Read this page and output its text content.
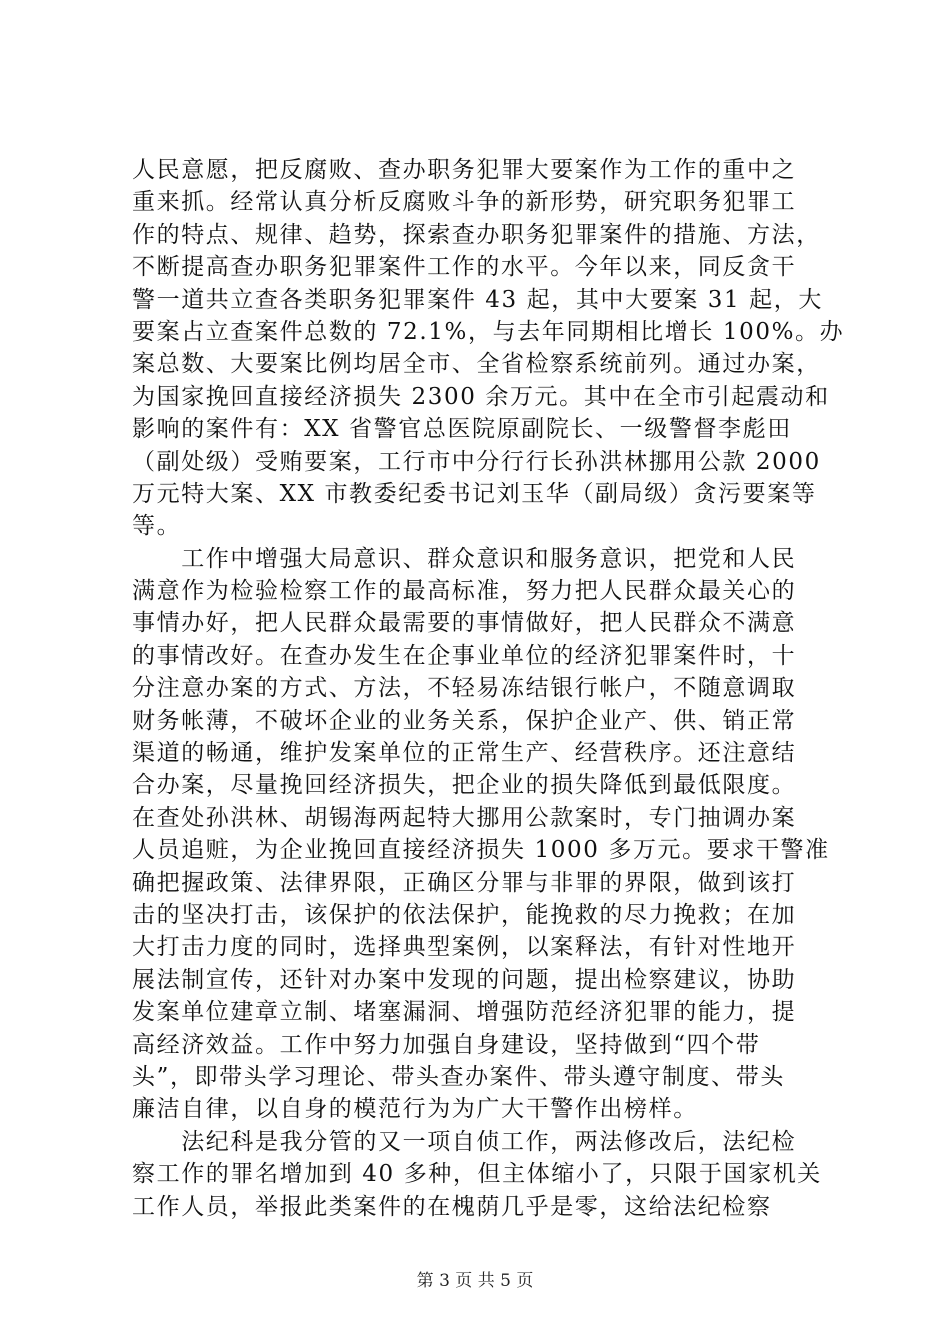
人民意愿，把反腐败、查办职务犯罪大要案作为工作的重中之
重来抓。经常认真分析反腐败斗争的新形势，研究职务犯罪工
作的特点、规律、趋势，探索查办职务犯罪案件的措施、方法，
不断提高查办职务犯罪案件工作的水平。今年以来，同反贪干
警一道共立查各类职务犯罪案件 43 起，其中大要案 31 起，大
要案占立查案件总数的 72.1%，与去年同期相比增长 100%。办
案总数、大要案比例均居全市、全省检察系统前列。通过办案，
为国家挽回直接经济损失 2300 余万元。其中在全市引起震动和
影响的案件有：XX 省警官总医院原副院长、一级警督李彪田
（副处级）受贿要案，工行市中分行行长孙洪林挪用公款 2000
万元特大案、XX 市教委纪委书记刘玉华（副局级）贪污要案等
等。
　　工作中增强大局意识、群众意识和服务意识，把党和人民
满意作为检验检察工作的最高标准，努力把人民群众最关心的
事情办好，把人民群众最需要的事情做好，把人民群众不满意
的事情改好。在查办发生在企事业单位的经济犯罪案件时，十
分注意办案的方式、方法，不轻易冻结银行帐户，不随意调取
财务帐薄，不破坏企业的业务关系，保护企业产、供、销正常
渠道的畅通，维护发案单位的正常生产、经营秩序。还注意结
合办案，尽量挽回经济损失，把企业的损失降低到最低限度。
在查处孙洪林、胡锡海两起特大挪用公款案时，专门抽调办案
人员追赃，为企业挽回直接经济损失 1000 多万元。要求干警准
确把握政策、法律界限，正确区分罪与非罪的界限，做到该打
击的坚决打击，该保护的依法保护，能挽救的尽力挽救；在加
大打击力度的同时，选择典型案例，以案释法，有针对性地开
展法制宣传，还针对办案中发现的问题，提出检察建议，协助
发案单位建章立制、堵塞漏洞、增强防范经济犯罪的能力，提
高经济效益。工作中努力加强自身建设，坚持做到“四个带
头”，即带头学习理论、带头查办案件、带头遵守制度、带头
廉洁自律，以自身的模范行为为广大干警作出榜样。
　　法纪科是我分管的又一项自侦工作，两法修改后，法纪检
察工作的罪名增加到 40 多种，但主体缩小了，只限于国家机关
工作人员，举报此类案件的在槐荫几乎是零，这给法纪检察
第 3 页 共 5 页
